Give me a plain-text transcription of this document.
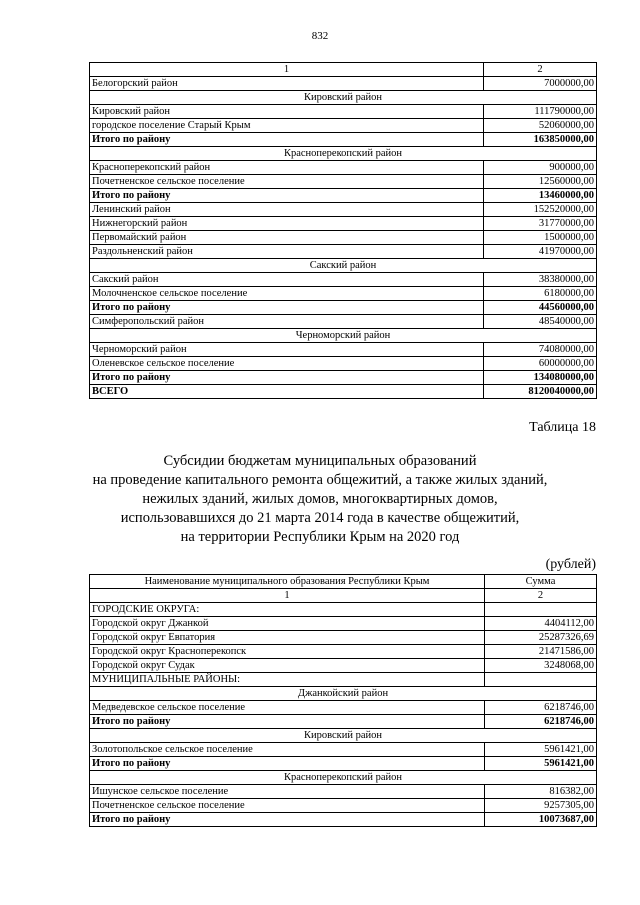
832
1	2
Белогорский район	7000000,00
Кировский район	
Кировский район	111790000,00
городское поселение Старый Крым	52060000,00
Итого по району	163850000,00
Красноперекопский район	
Красноперекопский район	900000,00
Почетненское сельское поселение	12560000,00
Итого по району	13460000,00
Ленинский район	152520000,00
Нижнегорский район	31770000,00
Первомайский район	1500000,00
Раздольненский район	41970000,00
Сакский район	
Сакский район	38380000,00
Молочненское сельское поселение	6180000,00
Итого по району	44560000,00
Симферопольский район	48540000,00
Черноморский район	
Черноморский район	74080000,00
Оленевское сельское поселение	60000000,00
Итого по району	134080000,00
ВСЕГО	8120040000,00
Таблица 18
Субсидии бюджетам муниципальных образований
на проведение капитального ремонта общежитий, а также жилых зданий,
нежилых зданий, жилых домов, многоквартирных домов,
использовавшихся до 21 марта 2014 года в качестве общежитий,
на территории Республики Крым на 2020 год
(рублей)
Наименование муниципального образования Республики Крым	Сумма
1	2
ГОРОДСКИЕ ОКРУГА:	
Городской округ Джанкой	4404112,00
Городской округ Евпатория	25287326,69
Городской округ Красноперекопск	21471586,00
Городской округ Судак	3248068,00
МУНИЦИПАЛЬНЫЕ РАЙОНЫ:	
Джанкойский район	
Медведевское сельское поселение	6218746,00
Итого по району	6218746,00
Кировский район	
Золотопольское сельское поселение	5961421,00
Итого по району	5961421,00
Красноперекопский район	
Ишунское сельское поселение	816382,00
Почетненское сельское поселение	9257305,00
Итого по району	10073687,00
